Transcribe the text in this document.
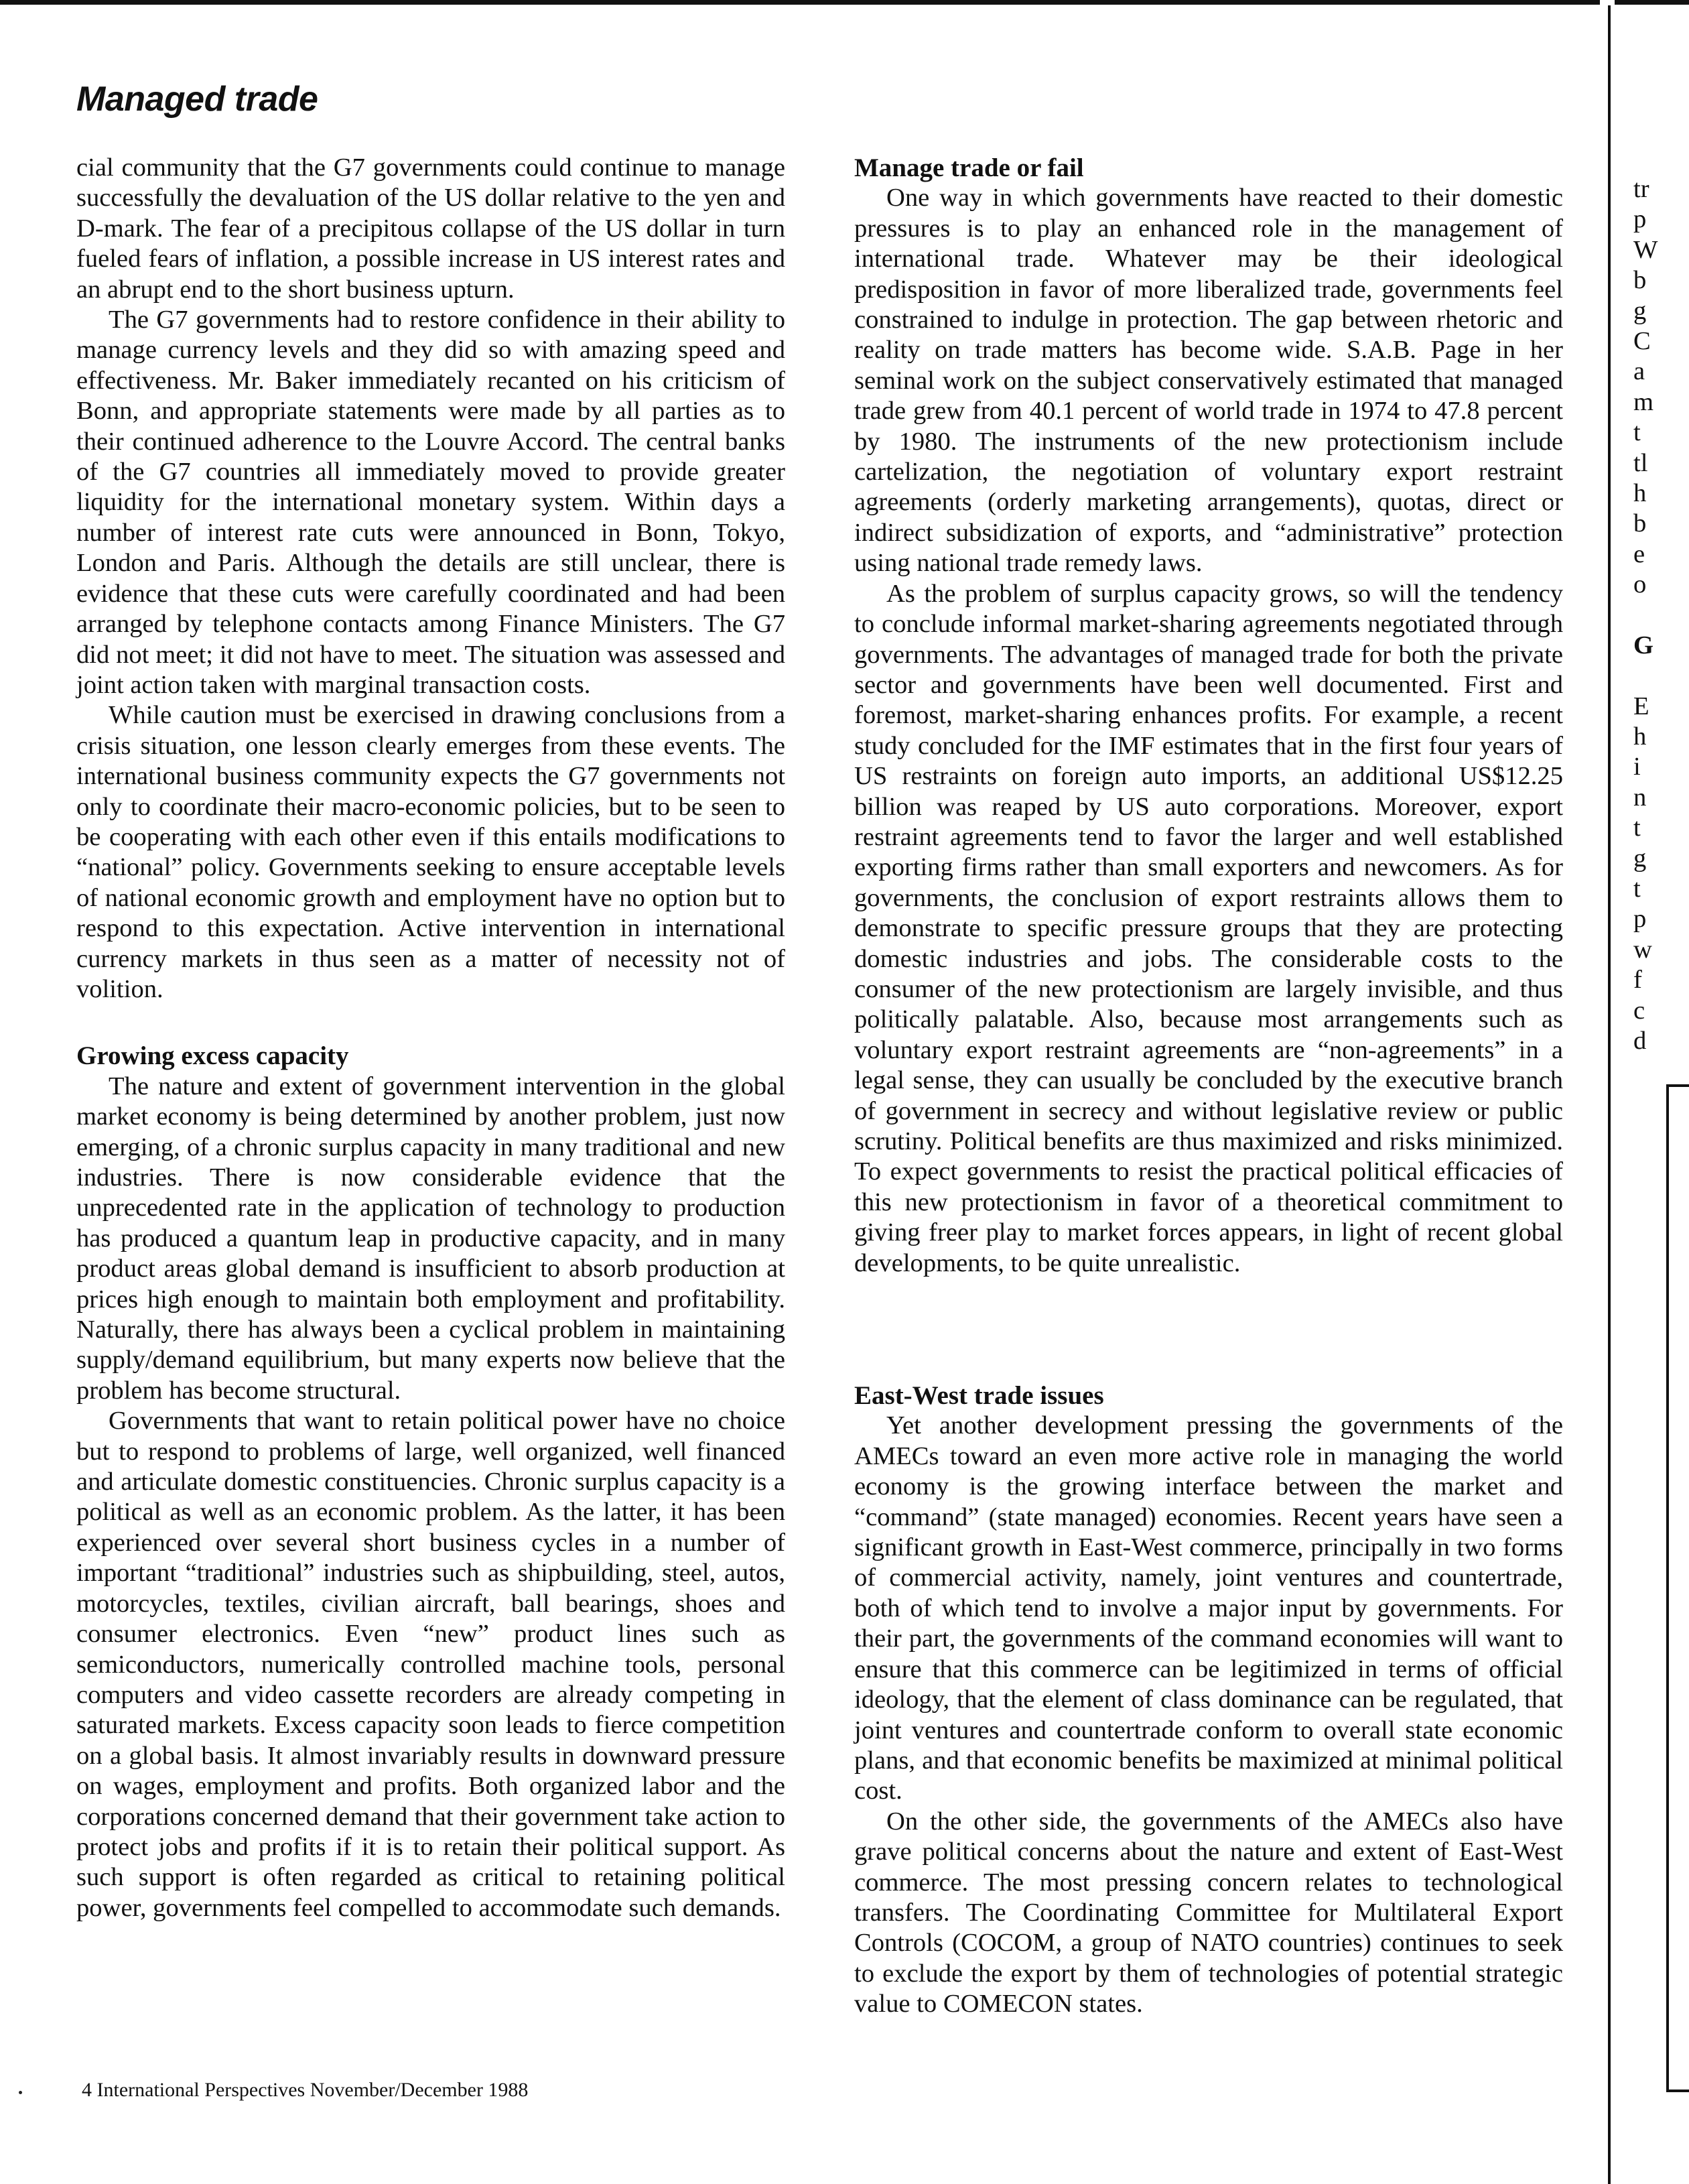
Managed trade

cial community that the G7 governments could continue to manage successfully the devaluation of the US dollar relative to the yen and D-mark. The fear of a precipitous collapse of the US dollar in turn fueled fears of inflation, a possible increase in US interest rates and an abrupt end to the short business upturn.

The G7 governments had to restore confidence in their ability to manage currency levels and they did so with amazing speed and effectiveness. Mr. Baker immediately recanted on his criticism of Bonn, and appropriate statements were made by all parties as to their continued adherence to the Louvre Accord. The central banks of the G7 countries all immediately moved to provide greater liquidity for the international monetary system. Within days a number of interest rate cuts were announced in Bonn, Tokyo, London and Paris. Although the details are still unclear, there is evidence that these cuts were carefully coordinated and had been arranged by telephone contacts among Finance Ministers. The G7 did not meet; it did not have to meet. The situation was assessed and joint action taken with marginal transaction costs.

While caution must be exercised in drawing conclusions from a crisis situation, one lesson clearly emerges from these events. The international business community expects the G7 governments not only to coordinate their macro-economic policies, but to be seen to be cooperating with each other even if this entails modifications to “national” policy. Governments seeking to ensure acceptable levels of national economic growth and employment have no option but to respond to this expectation. Active intervention in international currency markets in thus seen as a matter of necessity not of volition.

Growing excess capacity

The nature and extent of government intervention in the global market economy is being determined by another problem, just now emerging, of a chronic surplus capacity in many traditional and new industries. There is now considerable evidence that the unprecedented rate in the application of technology to production has produced a quantum leap in productive capacity, and in many product areas global demand is insufficient to absorb production at prices high enough to maintain both employment and profitability. Naturally, there has always been a cyclical problem in maintaining supply/demand equilibrium, but many experts now believe that the problem has become structural.

Governments that want to retain political power have no choice but to respond to problems of large, well organized, well financed and articulate domestic constituencies. Chronic surplus capacity is a political as well as an economic problem. As the latter, it has been experienced over several short business cycles in a number of important “traditional” industries such as shipbuilding, steel, autos, motorcycles, textiles, civilian aircraft, ball bearings, shoes and consumer electronics. Even “new” product lines such as semiconductors, numerically controlled machine tools, personal computers and video cassette recorders are already competing in saturated markets. Excess capacity soon leads to fierce competition on a global basis. It almost invariably results in downward pressure on wages, employment and profits. Both organized labor and the corporations concerned demand that their government take action to protect jobs and profits if it is to retain their political support. As such support is often regarded as critical to retaining political power, governments feel compelled to accommodate such demands.

Manage trade or fail

One way in which governments have reacted to their domestic pressures is to play an enhanced role in the management of international trade. Whatever may be their ideological predisposition in favor of more liberalized trade, governments feel constrained to indulge in protection. The gap between rhetoric and reality on trade matters has become wide. S.A.B. Page in her seminal work on the subject conservatively estimated that managed trade grew from 40.1 percent of world trade in 1974 to 47.8 percent by 1980. The instruments of the new protectionism include cartelization, the negotiation of voluntary export restraint agreements (orderly marketing arrangements), quotas, direct or indirect subsidization of exports, and “administrative” protection using national trade remedy laws.

As the problem of surplus capacity grows, so will the tendency to conclude informal market-sharing agreements negotiated through governments. The advantages of managed trade for both the private sector and governments have been well documented. First and foremost, market-sharing enhances profits. For example, a recent study concluded for the IMF estimates that in the first four years of US restraints on foreign auto imports, an additional US$12.25 billion was reaped by US auto corporations. Moreover, export restraint agreements tend to favor the larger and well established exporting firms rather than small exporters and newcomers. As for governments, the conclusion of export restraints allows them to demonstrate to specific pressure groups that they are protecting domestic industries and jobs. The considerable costs to the consumer of the new protectionism are largely invisible, and thus politically palatable. Also, because most arrangements such as voluntary export restraint agreements are “non-agreements” in a legal sense, they can usually be concluded by the executive branch of government in secrecy and without legislative review or public scrutiny. Political benefits are thus maximized and risks minimized. To expect governments to resist the practical political efficacies of this new protectionism in favor of a theoretical commitment to giving freer play to market forces appears, in light of recent global developments, to be quite unrealistic.

East-West trade issues

Yet another development pressing the governments of the AMECs toward an even more active role in managing the world economy is the growing interface between the market and “command” (state managed) economies. Recent years have seen a significant growth in East-West commerce, principally in two forms of commercial activity, namely, joint ventures and countertrade, both of which tend to involve a major input by governments. For their part, the governments of the command economies will want to ensure that this commerce can be legitimized in terms of official ideology, that the element of class dominance can be regulated, that joint ventures and countertrade conform to overall state economic plans, and that economic benefits be maximized at minimal political cost.

On the other side, the governments of the AMECs also have grave political concerns about the nature and extent of East-West commerce. The most pressing concern relates to technological transfers. The Coordinating Committee for Multilateral Export Controls (COCOM, a group of NATO countries) continues to seek to exclude the export by them of technologies of potential strategic value to COMECON states.

tr
p
W
b
g
C
a
m
t
tl
h
b
e
o
G
E
h
i
n
t
g
t
p
w
f
c
d
4 International Perspectives November/December 1988
